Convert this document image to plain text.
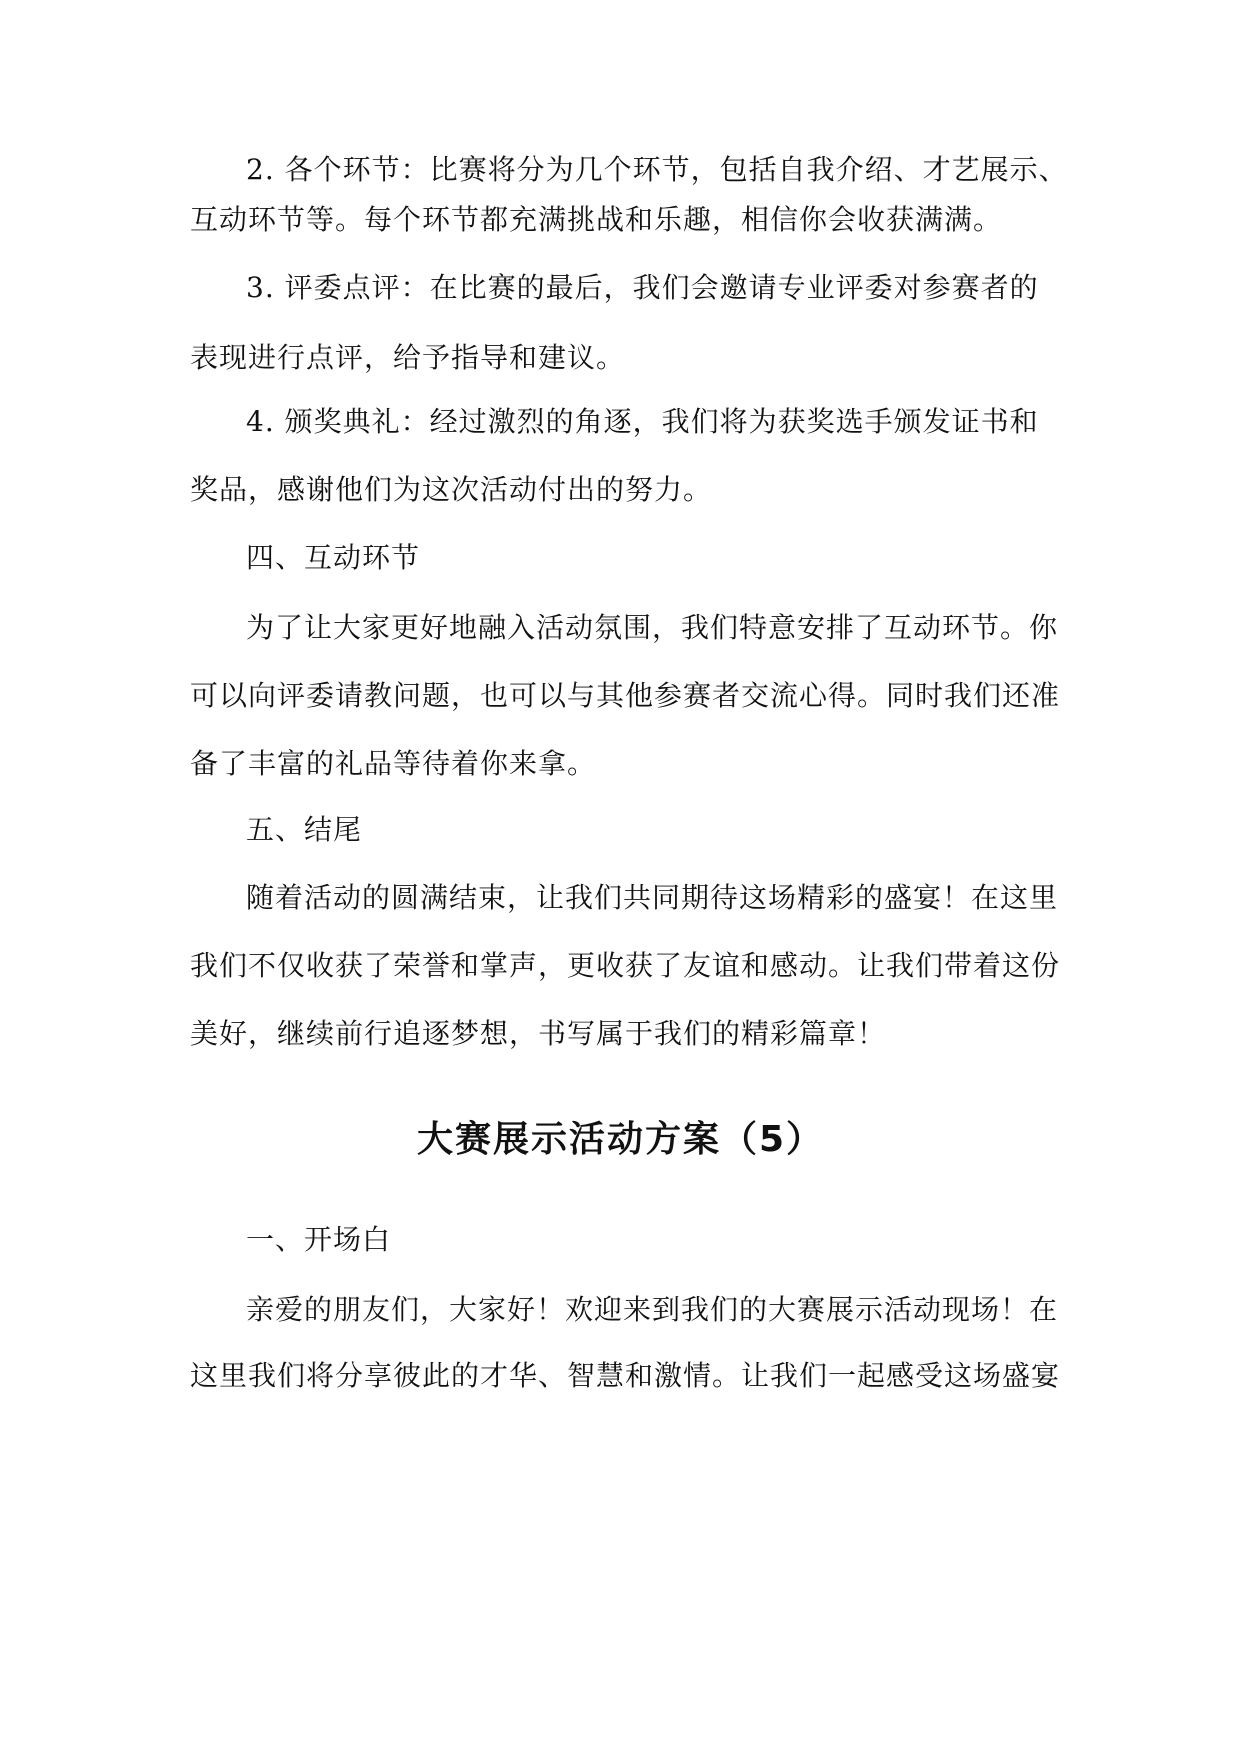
2. 各个环节：比赛将分为几个环节，包括自我介绍、才艺展示、
互动环节等。每个环节都充满挑战和乐趣，相信你会收获满满。
3. 评委点评：在比赛的最后，我们会邀请专业评委对参赛者的
表现进行点评，给予指导和建议。
4. 颁奖典礼：经过激烈的角逐，我们将为获奖选手颁发证书和
奖品，感谢他们为这次活动付出的努力。
四、互动环节
为了让大家更好地融入活动氛围，我们特意安排了互动环节。你
可以向评委请教问题，也可以与其他参赛者交流心得。同时我们还准
备了丰富的礼品等待着你来拿。
五、结尾
随着活动的圆满结束，让我们共同期待这场精彩的盛宴！在这里
我们不仅收获了荣誉和掌声，更收获了友谊和感动。让我们带着这份
美好，继续前行追逐梦想，书写属于我们的精彩篇章！
大赛展示活动方案（5）
一、开场白
亲爱的朋友们，大家好！欢迎来到我们的大赛展示活动现场！在
这里我们将分享彼此的才华、智慧和激情。让我们一起感受这场盛宴
